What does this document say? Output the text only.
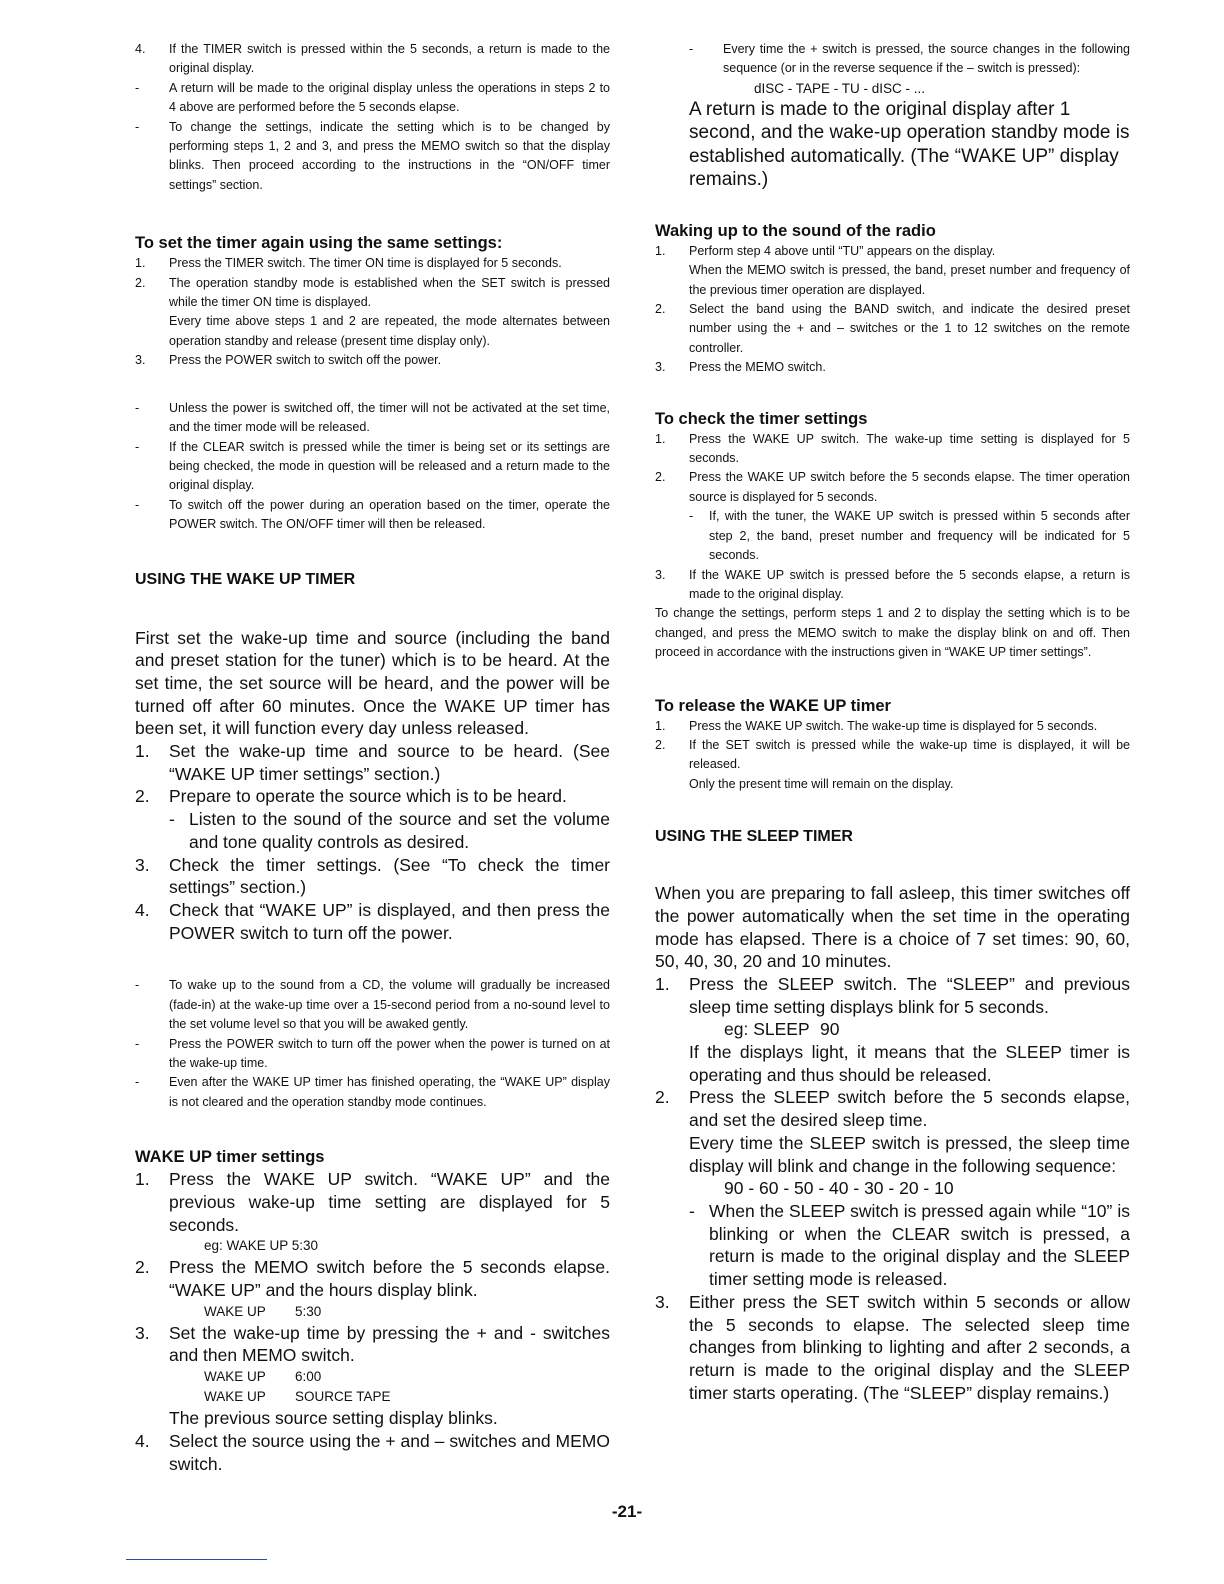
4.	If the TIMER switch is pressed within the 5 seconds, a return is made to the original display.
-	A return will be made to the original display unless the operations in steps 2 to 4 above are performed before the 5 seconds elapse.
-	To change the settings, indicate the setting which is to be changed by performing steps 1, 2 and 3, and press the MEMO switch so that the display blinks. Then proceed according to the instructions in the “ON/OFF timer settings” section.
To set the timer again using the same settings:
1.	Press the TIMER switch. The timer ON time is displayed for 5 seconds.
2.	The operation standby mode is established when the SET switch is pressed while the timer ON time is displayed.
Every time above steps 1 and 2 are repeated, the mode alternates between operation standby and release (present time display only).
3.	Press the POWER switch to switch off the power.
-	Unless the power is switched off, the timer will not be activated at the set time, and the timer mode will be released.
-	If the CLEAR switch is pressed while the timer is being set or its settings are being checked, the mode in question will be released and a return made to the original display.
-	To switch off the power during an operation based on the timer, operate the POWER switch. The ON/OFF timer will then be released.
USING THE WAKE UP TIMER

First set the wake-up time and source (including the band and preset station for the tuner) which is to be heard. At the set time, the set source will be heard, and the power will be turned off after 60 minutes. Once the WAKE UP timer has been set, it will function every day unless released.

1.	Set the wake-up time and source to be heard. (See “WAKE UP timer settings” section.)
2.	Prepare to operate the source which is to be heard.
- Listen to the sound of the source and set the volume and tone quality controls as desired.
3.	Check the timer settings. (See “To check the timer settings” section.)
4.	Check that “WAKE UP” is displayed, and then press the POWER switch to turn off the power.
-	To wake up to the sound from a CD, the volume will gradually be increased (fade-in) at the wake-up time over a 15-second period from a no-sound level to the set volume level so that you will be awaked gently.
-	Press the POWER switch to turn off the power when the power is turned on at the wake-up time.
-	Even after the WAKE UP timer has finished operating, the “WAKE UP” display is not cleared and the operation standby mode continues.
WAKE UP timer settings
1.	Press the WAKE UP switch. “WAKE UP” and the previous wake-up time setting are displayed for 5 seconds.
eg: WAKE UP 5:30
2.	Press the MEMO switch before the 5 seconds elapse. “WAKE UP” and the hours display blink.
WAKE UP	5:30
3.	Set the wake-up time by pressing the + and - switches and then MEMO switch.
WAKE UP	6:00
WAKE UP	SOURCE TAPE
The previous source setting display blinks.
4.	Select the source using the + and – switches and MEMO switch.
-	Every time the + switch is pressed, the source changes in the following sequence (or in the reverse sequence if the – switch is pressed):
dISC - TAPE - TU - dISC - ...
A return is made to the original display after 1 second, and the wake-up operation standby mode is established automatically. (The “WAKE UP” display remains.)
Waking up to the sound of the radio
1.	Perform step 4 above until “TU” appears on the display.
When the MEMO switch is pressed, the band, preset number and frequency of the previous timer operation are displayed.
2.	Select the band using the BAND switch, and indicate the desired preset number using the + and – switches or the 1 to 12 switches on the remote controller.
3.	Press the MEMO switch.
To check the timer settings
1.	Press the WAKE UP switch. The wake-up time setting is displayed for 5 seconds.
2.	Press the WAKE UP switch before the 5 seconds elapse. The timer operation source is displayed for 5 seconds.
-	If, with the tuner, the WAKE UP switch is pressed within 5 seconds after step 2, the band, preset number and frequency will be indicated for 5 seconds.
3.	If the WAKE UP switch is pressed before the 5 seconds elapse, a return is made to the original display.
To change the settings, perform steps 1 and 2 to display the setting which is to be changed, and press the MEMO switch to make the display blink on and off. Then proceed in accordance with the instructions given in “WAKE UP timer settings”.
To release the WAKE UP timer
1.	Press the WAKE UP switch. The wake-up time is displayed for 5 seconds.
2.	If the SET switch is pressed while the wake-up time is displayed, it will be released.
Only the present time will remain on the display.
USING THE SLEEP TIMER

When you are preparing to fall asleep, this timer switches off the power automatically when the set time in the operating mode has elapsed. There is a choice of 7 set times: 90, 60, 50, 40, 30, 20 and 10 minutes.

1.	Press the SLEEP switch. The “SLEEP” and previous sleep time setting displays blink for 5 seconds.
eg: SLEEP 90
If the displays light, it means that the SLEEP timer is operating and thus should be released.
2.	Press the SLEEP switch before the 5 seconds elapse, and set the desired sleep time.
Every time the SLEEP switch is pressed, the sleep time display will blink and change in the following sequence:
90 - 60 - 50 - 40 - 30 - 20 - 10
- When the SLEEP switch is pressed again while “10” is blinking or when the CLEAR switch is pressed, a return is made to the original display and the SLEEP timer setting mode is released.
3.	Either press the SET switch within 5 seconds or allow the 5 seconds to elapse. The selected sleep time changes from blinking to lighting and after 2 seconds, a return is made to the original display and the SLEEP timer starts operating. (The “SLEEP” display remains.)
-21-
